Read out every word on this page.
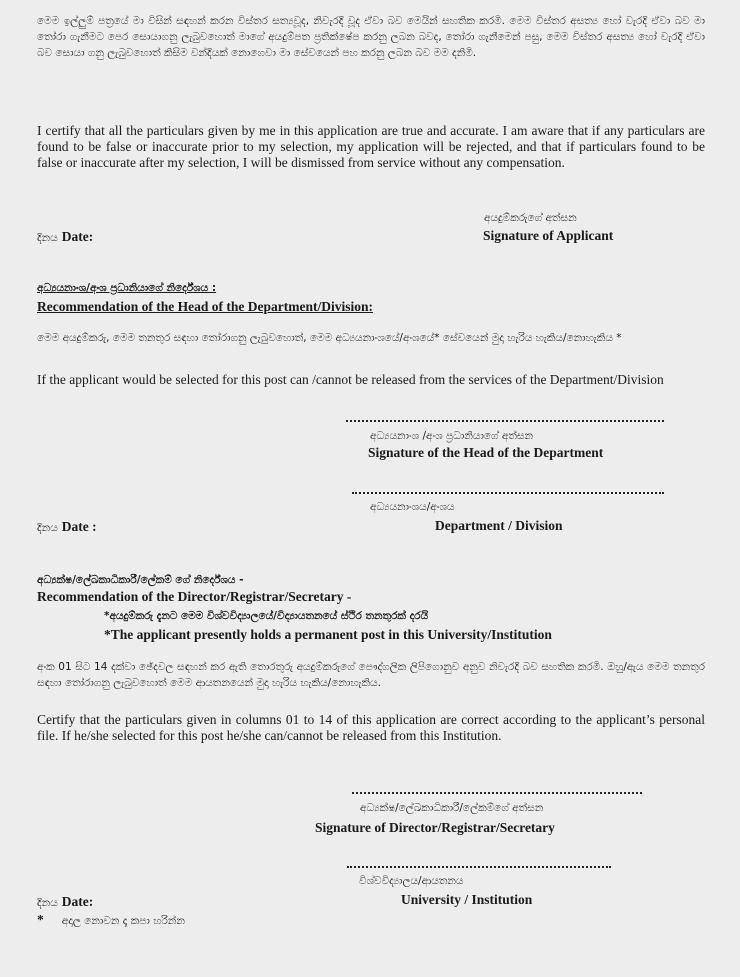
මෙම ඉල්ලුම් පත්‍රයේ මා විසින් සඳහන් කරන විස්තර සත්‍යවූද, නිවැරදි වූද ඒවා බව මෙයින් සහතික කරමි. මෙම විස්තර අසත්‍ය හෝ වැරදි ඒවා බව මා තෝරා ගැනීමට පෙර සොයාගනු ලැබුවහොත් මාගේ අයදුම්පත ප්‍රතික්ෂේප කරනු ලබන බවද, තෝරා ගැනීමෙන් පසු, මෙම විස්තර අසත්‍ය හෝ වැරදි ඒවා බව සොයා ගනු ලැබුවහොත් කිසිම වන්දියක් නොගෙවා මා සේවයෙන් පහ කරනු ලබන බව මම දනිමි.
I certify that all the particulars given by me in this application are true and accurate. I am aware that if any particulars are found to be false or inaccurate prior to my selection, my application will be rejected, and that if particulars found to be false or inaccurate after my selection, I will be dismissed from service without any compensation.
අයදුම්කරුගේ අත්සන
Signature of Applicant
දිනය Date:
අධ්‍යයනාංශ/අංශ ප්‍රධානියාගේ නිර්දේශය :
Recommendation of the Head of the Department/Division:
මෙම අයදුම්කරු, මෙම තනතුර සඳහා තෝරාගනු ලැබුවහොත්, මෙම අධ්‍යයනාංශයේ/අංශයේ* සේවයෙන් මුදා හැරිය හැකිය/නොහැකිය *
If the applicant would be selected for this post can /cannot be released from the services of the Department/Division
අධ්‍යයනාංශ /අංශ ප්‍රධානියාගේ අත්සන
Signature of the Head of the Department
අධ්‍යයනාංශය/අංශය
Department / Division
දිනය Date :
අධ්‍යක්ෂ/ලේඛකාධිකාරී/ලේකම් ගේ නිර්දේශය -
Recommendation of the Director/Registrar/Secretary -
*අයදුම්කරු දැනට මෙම විශ්වවිද්‍යාලයේ/විද්‍යායතනයේ ස්ථිර තනතුරක් දරයි
*The applicant presently holds a permanent post in this University/Institution
අංක 01 සිට 14 දක්වා ඡේදවල සඳහන් කර ඇති තොරතුරු අයදුම්කරුගේ පෞද්ගලික ලිපිගොනුව අනුව නිවැරදි බව සහතික කරමි. ඔහු/ඇය මෙම තනතුර සඳහා තෝරාගනු ලැබුවහොත් මෙම ආයතනයෙන් මුදා හැරිය හැකිය/නොහැකිය.
Certify that the particulars given in columns 01 to 14 of this application are correct according to the applicant’s personal file. If he/she selected for this post he/she can/cannot be released from this Institution.
අධ්‍යක්ෂ/ලේඛකාධිකාරී/ලේකම්ගේ අත්සන
Signature of Director/Registrar/Secretary
විශ්වවිද්‍යාලය/ආයතනය
University / Institution
දිනය Date:
* අදාල නොවන දෑ කපා හරින්න
